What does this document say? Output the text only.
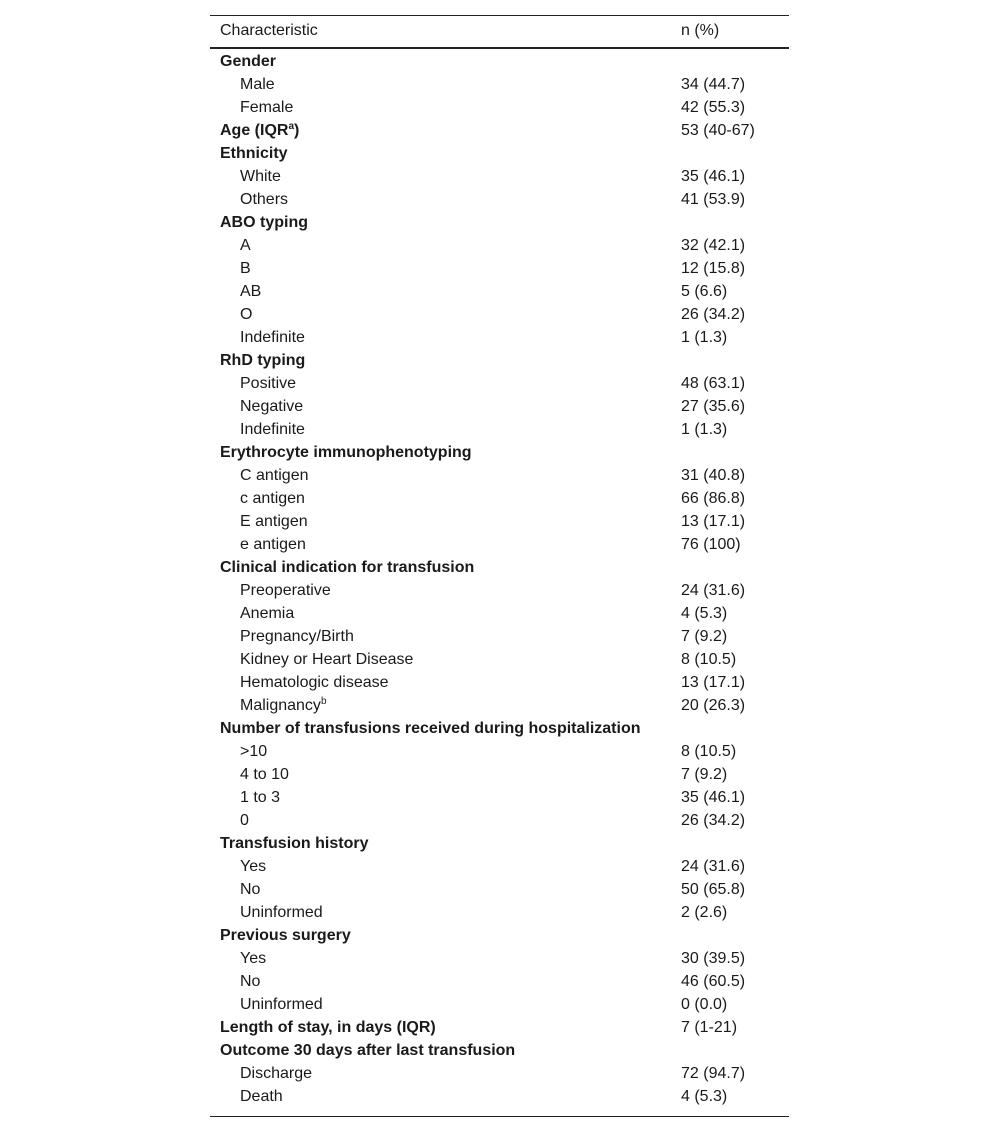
Characteristic	n (%)
Gender	
Male	34 (44.7)
Female	42 (55.3)
Age (IQR$^a$)	53 (40-67)
Ethnicity	
White	35 (46.1)
Others	41 (53.9)
ABO typing	
A	32 (42.1)
B	12 (15.8)
AB	5 (6.6)
O	26 (34.2)
Indefinite	1 (1.3)
RhD typing	
Positive	48 (63.1)
Negative	27 (35.6)
Indefinite	1 (1.3)
Erythrocyte immunophenotyping	
C antigen	31 (40.8)
c antigen	66 (86.8)
E antigen	13 (17.1)
e antigen	76 (100)
Clinical indication for transfusion	
Preoperative	24 (31.6)
Anemia	4 (5.3)
Pregnancy/Birth	7 (9.2)
Kidney or Heart Disease	8 (10.5)
Hematologic disease	13 (17.1)
Malignancy$^b$	20 (26.3)
Number of transfusions received during hospitalization	
>10	8 (10.5)
4 to 10	7 (9.2)
1 to 3	35 (46.1)
0	26 (34.2)
Transfusion history	
Yes	24 (31.6)
No	50 (65.8)
Uninformed	2 (2.6)
Previous surgery	
Yes	30 (39.5)
No	46 (60.5)
Uninformed	0 (0.0)
Length of stay, in days (IQR)	7 (1-21)
Outcome 30 days after last transfusion	
Discharge	72 (94.7)
Death	4 (5.3)
